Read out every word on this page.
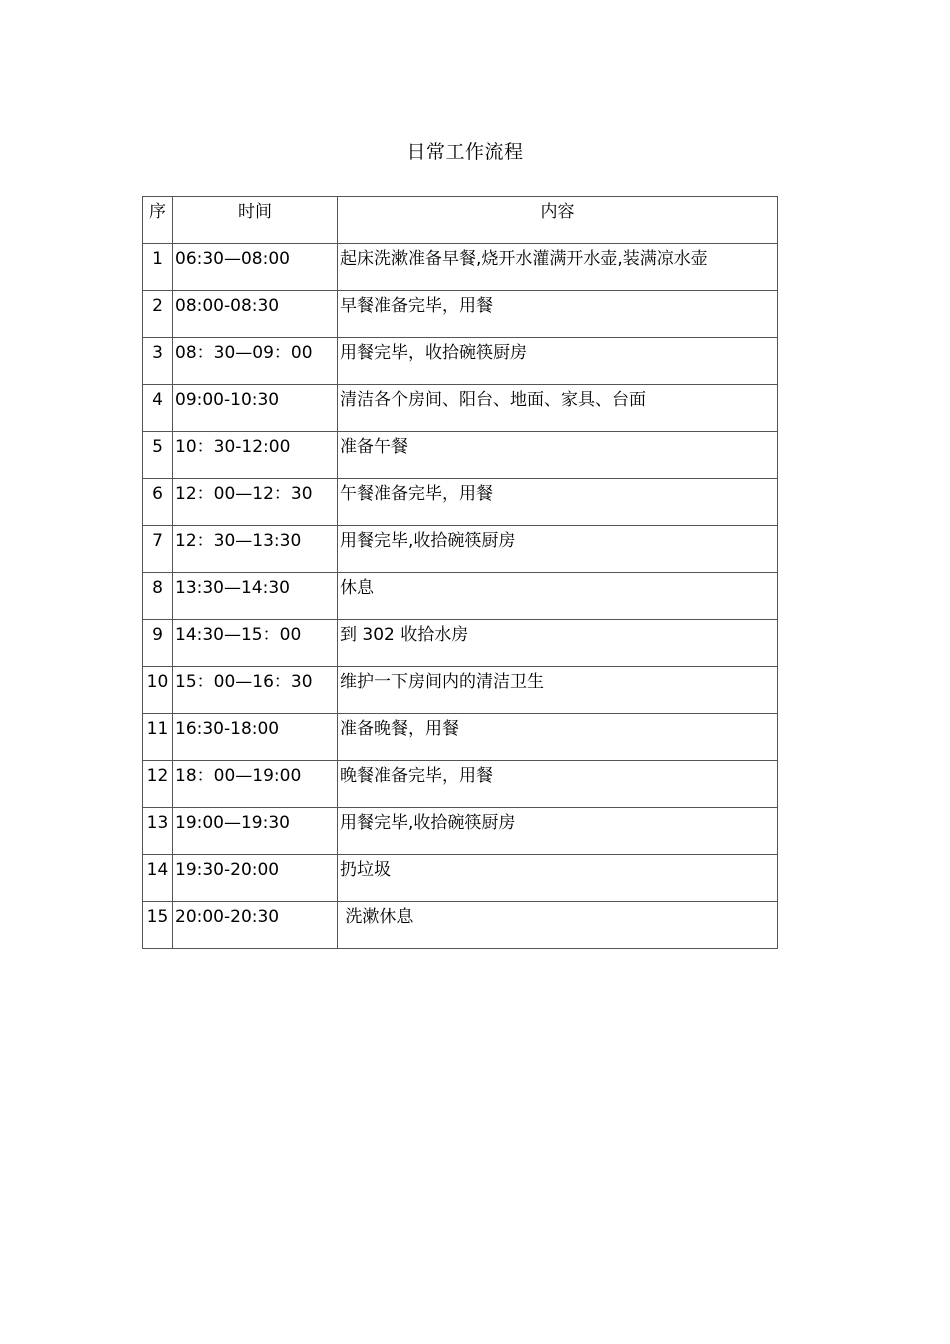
日常工作流程
序	时间	内容
1	06:30—08:00	起床洗漱准备早餐,烧开水灌满开水壶,装满凉水壶
2	08:00-08:30	早餐准备完毕，用餐
3	08：30—09：00	用餐完毕，收拾碗筷厨房
4	09:00-10:30	清洁各个房间、阳台、地面、家具、台面
5	10：30-12:00	准备午餐
6	12：00—12：30	午餐准备完毕，用餐
7	12：30—13:30	用餐完毕,收拾碗筷厨房
8	13:30—14:30	休息
9	14:30—15：00	到 302 收拾水房
10	15：00—16：30	维护一下房间内的清洁卫生
11	16:30-18:00	准备晚餐，用餐
12	18：00—19:00	晚餐准备完毕，用餐
13	19:00—19:30	用餐完毕,收拾碗筷厨房
14	19:30-20:00	扔垃圾
15	20:00-20:30	洗漱休息
